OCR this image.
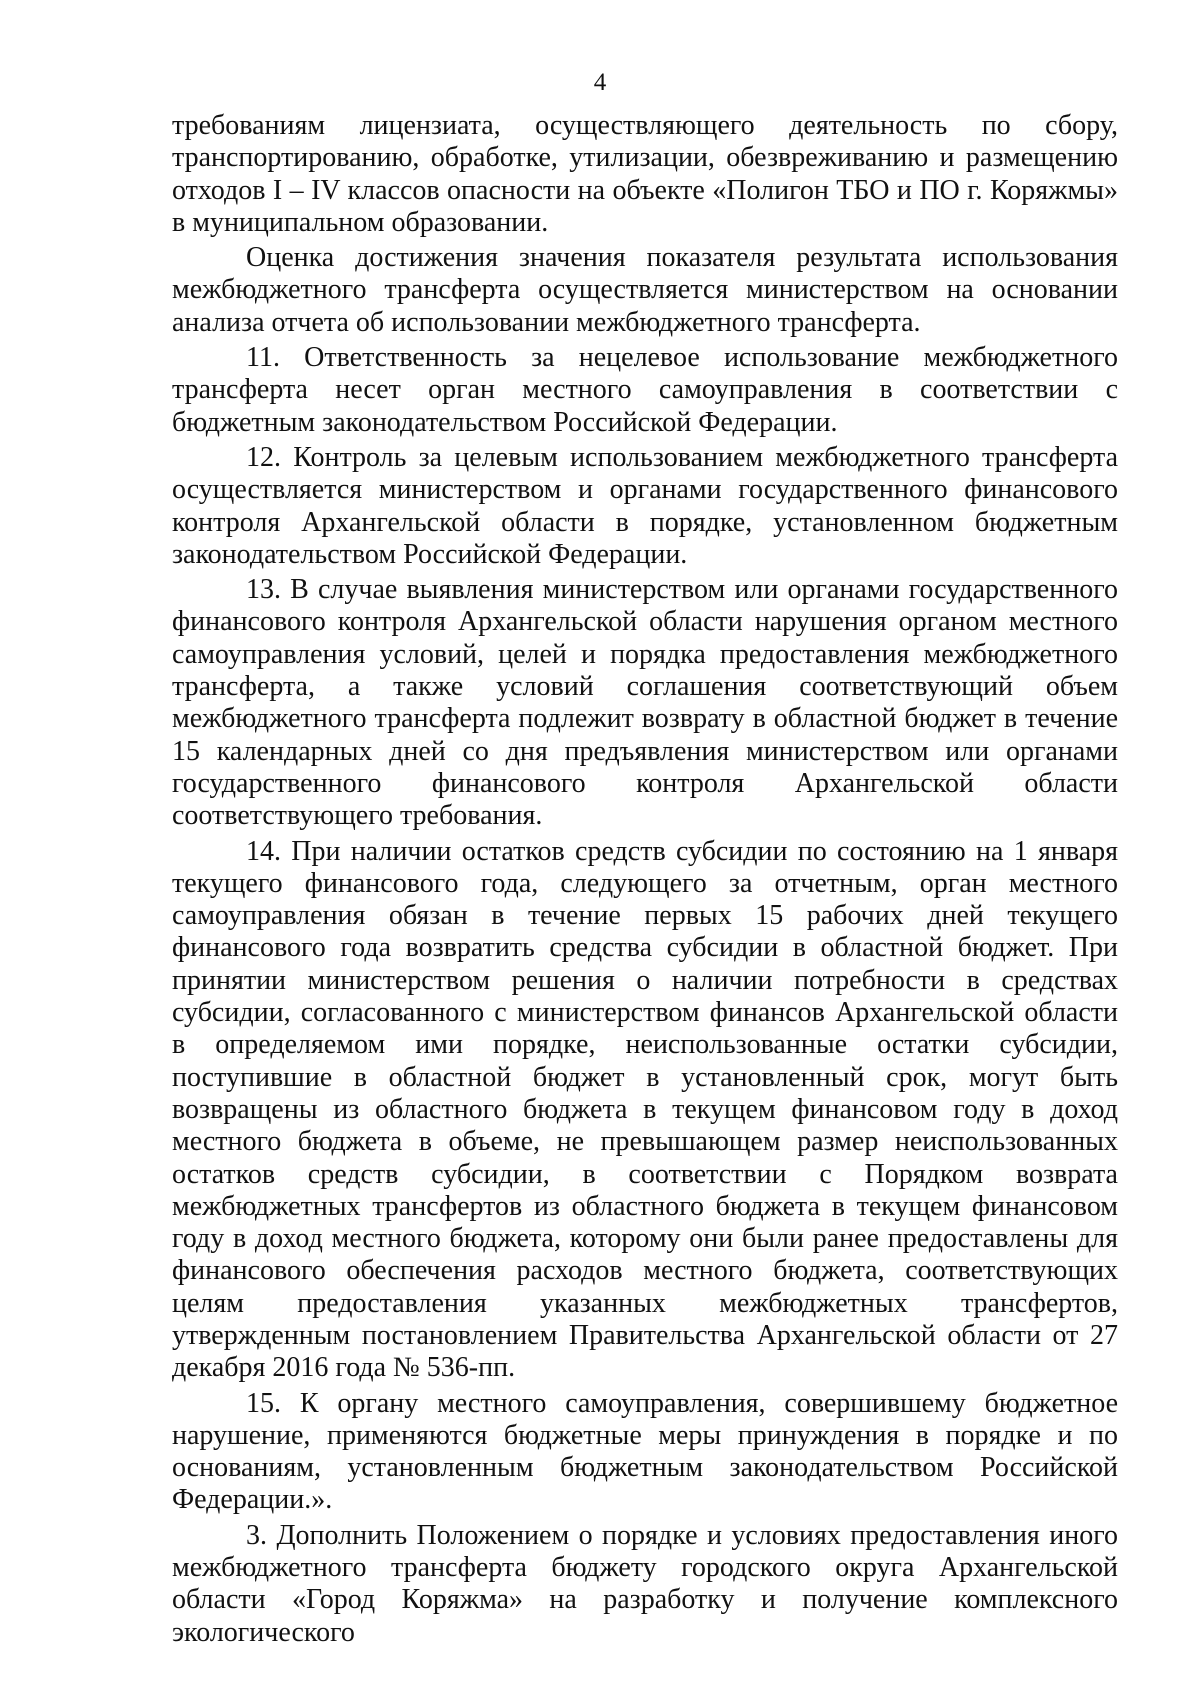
4

требованиям лицензиата, осуществляющего деятельность по сбору, транспортированию, обработке, утилизации, обезвреживанию и размещению отходов I – IV классов опасности на объекте «Полигон ТБО и ПО г. Коряжмы» в муниципальном образовании.

Оценка достижения значения показателя результата использования межбюджетного трансферта осуществляется министерством на основании анализа отчета об использовании межбюджетного трансферта.

11. Ответственность за нецелевое использование межбюджетного трансферта несет орган местного самоуправления в соответствии с бюджетным законодательством Российской Федерации.

12. Контроль за целевым использованием межбюджетного трансферта осуществляется министерством и органами государственного финансового контроля Архангельской области в порядке, установленном бюджетным законодательством Российской Федерации.

13. В случае выявления министерством или органами государственного финансового контроля Архангельской области нарушения органом местного самоуправления условий, целей и порядка предоставления межбюджетного трансферта, а также условий соглашения соответствующий объем межбюджетного трансферта подлежит возврату в областной бюджет в течение 15 календарных дней со дня предъявления министерством или органами государственного финансового контроля Архангельской области соответствующего требования.

14. При наличии остатков средств субсидии по состоянию на 1 января текущего финансового года, следующего за отчетным, орган местного самоуправления обязан в течение первых 15 рабочих дней текущего финансового года возвратить средства субсидии в областной бюджет. При принятии министерством решения о наличии потребности в средствах субсидии, согласованного с министерством финансов Архангельской области в определяемом ими порядке, неиспользованные остатки субсидии, поступившие в областной бюджет в установленный срок, могут быть возвращены из областного бюджета в текущем финансовом году в доход местного бюджета в объеме, не превышающем размер неиспользованных остатков средств субсидии, в соответствии с Порядком возврата межбюджетных трансфертов из областного бюджета в текущем финансовом году в доход местного бюджета, которому они были ранее предоставлены для финансового обеспечения расходов местного бюджета, соответствующих целям предоставления указанных межбюджетных трансфертов, утвержденным постановлением Правительства Архангельской области от 27 декабря 2016 года № 536-пп.

15. К органу местного самоуправления, совершившему бюджетное нарушение, применяются бюджетные меры принуждения в порядке и по основаниям, установленным бюджетным законодательством Российской Федерации.».

3. Дополнить Положением о порядке и условиях предоставления иного межбюджетного трансферта бюджету городского округа Архангельской области «Город Коряжма» на разработку и получение комплексного экологического
